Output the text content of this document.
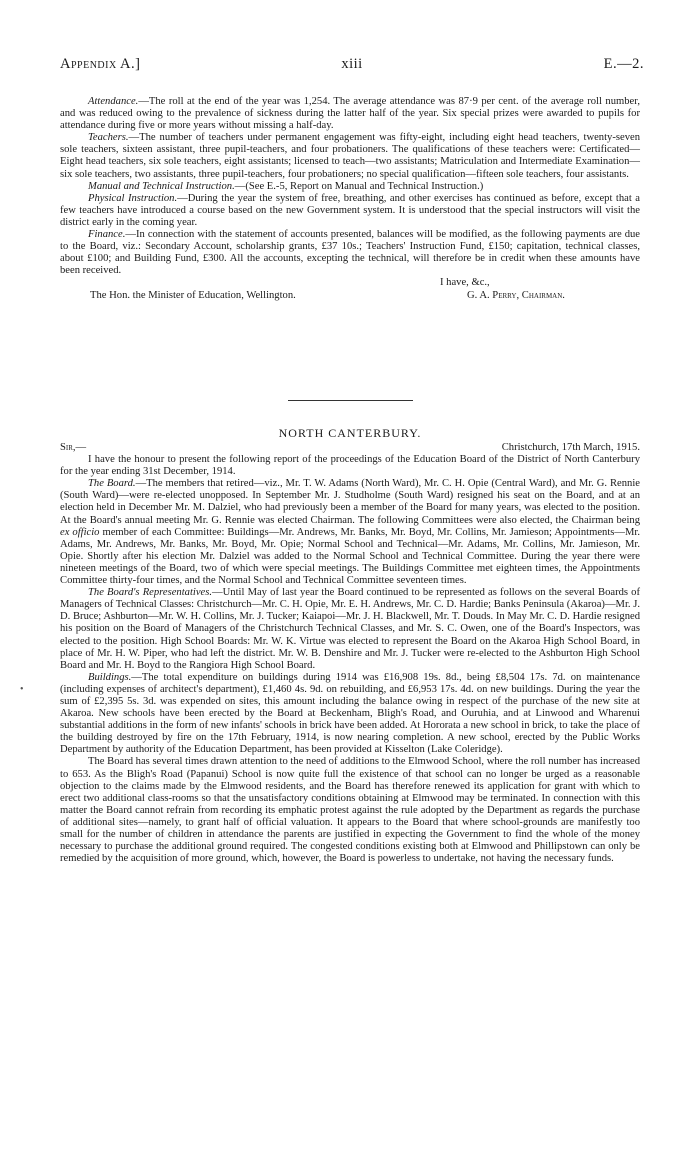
Appendix A.]	xiii	E.—2.

Attendance.—The roll at the end of the year was 1,254. The average attendance was 87·9 per cent. of the average roll number, and was reduced owing to the prevalence of sickness during the latter half of the year. Six special prizes were awarded to pupils for attendance during five or more years without missing a half-day.

Teachers.—The number of teachers under permanent engagement was fifty-eight, including eight head teachers, twenty-seven sole teachers, sixteen assistant, three pupil-teachers, and four probationers. The qualifications of these teachers were: Certificated—Eight head teachers, six sole teachers, eight assistants; licensed to teach—two assistants; Matriculation and Intermediate Examination—six sole teachers, two assistants, three pupil-teachers, four probationers; no special qualification—fifteen sole teachers, four assistants.

Manual and Technical Instruction.—(See E.-5, Report on Manual and Technical Instruction.)

Physical Instruction.—During the year the system of free, breathing, and other exercises has continued as before, except that a few teachers have introduced a course based on the new Government system. It is understood that the special instructors will visit the district early in the coming year.

Finance.—In connection with the statement of accounts presented, balances will be modified, as the following payments are due to the Board, viz.: Secondary Account, scholarship grants, £37 10s.; Teachers' Instruction Fund, £150; capitation, technical classes, about £100; and Building Fund, £300. All the accounts, excepting the technical, will therefore be in credit when these amounts have been received.

I have, &c.,
The Hon. the Minister of Education, Wellington.	G. A. Perry, Chairman.
NORTH CANTERBURY.
Sir,—	Christchurch, 17th March, 1915.

I have the honour to present the following report of the proceedings of the Education Board of the District of North Canterbury for the year ending 31st December, 1914.

The Board.—The members that retired—viz., Mr. T. W. Adams (North Ward), Mr. C. H. Opie (Central Ward), and Mr. G. Rennie (South Ward)—were re-elected unopposed. In September Mr. J. Studholme (South Ward) resigned his seat on the Board, and at an election held in December Mr. M. Dalziel, who had previously been a member of the Board for many years, was elected to the position. At the Board's annual meeting Mr. G. Rennie was elected Chairman. The following Committees were also elected, the Chairman being ex officio member of each Committee: Buildings—Mr. Andrews, Mr. Banks, Mr. Boyd, Mr. Collins, Mr. Jamieson; Appointments—Mr. Adams, Mr. Andrews, Mr. Banks, Mr. Boyd, Mr. Opie; Normal School and Technical—Mr. Adams, Mr. Collins, Mr. Jamieson, Mr. Opie. Shortly after his election Mr. Dalziel was added to the Normal School and Technical Committee. During the year there were nineteen meetings of the Board, two of which were special meetings. The Buildings Committee met eighteen times, the Appointments Committee thirty-four times, and the Normal School and Technical Committee seventeen times.

The Board's Representatives.—Until May of last year the Board continued to be represented as follows on the several Boards of Managers of Technical Classes: Christchurch—Mr. C. H. Opie, Mr. E. H. Andrews, Mr. C. D. Hardie; Banks Peninsula (Akaroa)—Mr. J. D. Bruce; Ashburton—Mr. W. H. Collins, Mr. J. Tucker; Kaiapoi—Mr. J. H. Blackwell, Mr. T. Douds. In May Mr. C. D. Hardie resigned his position on the Board of Managers of the Christchurch Technical Classes, and Mr. S. C. Owen, one of the Board's Inspectors, was elected to the position. High School Boards: Mr. W. K. Virtue was elected to represent the Board on the Akaroa High School Board, in place of Mr. H. W. Piper, who had left the district. Mr. W. B. Denshire and Mr. J. Tucker were re-elected to the Ashburton High School Board and Mr. H. Boyd to the Rangiora High School Board.

Buildings.—The total expenditure on buildings during 1914 was £16,908 19s. 8d., being £8,504 17s. 7d. on maintenance (including expenses of architect's department), £1,460 4s. 9d. on rebuilding, and £6,953 17s. 4d. on new buildings. During the year the sum of £2,395 5s. 3d. was expended on sites, this amount including the balance owing in respect of the purchase of the new site at Akaroa. New schools have been erected by the Board at Beckenham, Bligh's Road, and Ouruhia, and at Linwood and Wharenui substantial additions in the form of new infants' schools in brick have been added. At Hororata a new school in brick, to take the place of the building destroyed by fire on the 17th February, 1914, is now nearing completion. A new school, erected by the Public Works Department by authority of the Education Department, has been provided at Kisselton (Lake Coleridge).

The Board has several times drawn attention to the need of additions to the Elmwood School, where the roll number has increased to 653. As the Bligh's Road (Papanui) School is now quite full the existence of that school can no longer be urged as a reasonable objection to the claims made by the Elmwood residents, and the Board has therefore renewed its application for grant with which to erect two additional class-rooms so that the unsatisfactory conditions obtaining at Elmwood may be terminated. In connection with this matter the Board cannot refrain from recording its emphatic protest against the rule adopted by the Department as regards the purchase of additional sites—namely, to grant half of official valuation. It appears to the Board that where school-grounds are manifestly too small for the number of children in attendance the parents are justified in expecting the Government to find the whole of the money necessary to purchase the additional ground required. The congested conditions existing both at Elmwood and Phillipstown can only be remedied by the acquisition of more ground, which, however, the Board is powerless to undertake, not having the necessary funds.

•
